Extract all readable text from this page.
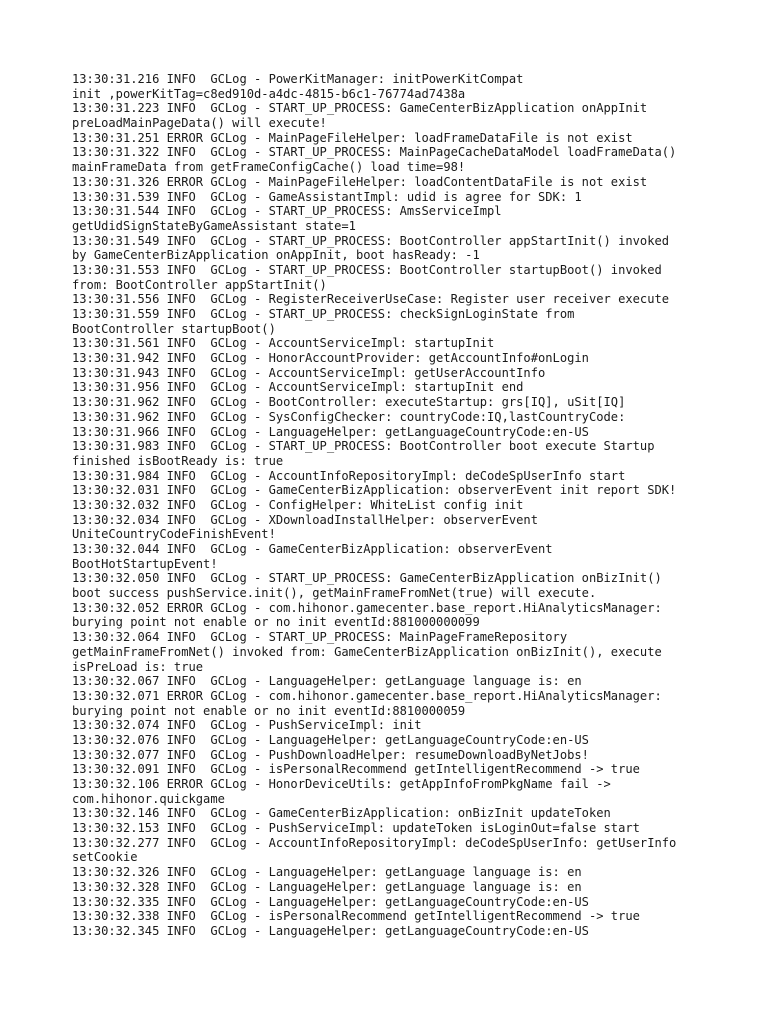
13:30:31.216 INFO  GCLog - PowerKitManager: initPowerKitCompat
init ,powerKitTag=c8ed910d-a4dc-4815-b6c1-76774ad7438a
13:30:31.223 INFO  GCLog - START_UP_PROCESS: GameCenterBizApplication onAppInit
preLoadMainPageData() will execute!
13:30:31.251 ERROR GCLog - MainPageFileHelper: loadFrameDataFile is not exist
13:30:31.322 INFO  GCLog - START_UP_PROCESS: MainPageCacheDataModel loadFrameData()
mainFrameData from getFrameConfigCache() load time=98!
13:30:31.326 ERROR GCLog - MainPageFileHelper: loadContentDataFile is not exist
13:30:31.539 INFO  GCLog - GameAssistantImpl: udid is agree for SDK: 1
13:30:31.544 INFO  GCLog - START_UP_PROCESS: AmsServiceImpl
getUdidSignStateByGameAssistant state=1
13:30:31.549 INFO  GCLog - START_UP_PROCESS: BootController appStartInit() invoked
by GameCenterBizApplication onAppInit, boot hasReady: -1
13:30:31.553 INFO  GCLog - START_UP_PROCESS: BootController startupBoot() invoked
from: BootController appStartInit()
13:30:31.556 INFO  GCLog - RegisterReceiverUseCase: Register user receiver execute
13:30:31.559 INFO  GCLog - START_UP_PROCESS: checkSignLoginState from
BootController startupBoot()
13:30:31.561 INFO  GCLog - AccountServiceImpl: startupInit
13:30:31.942 INFO  GCLog - HonorAccountProvider: getAccountInfo#onLogin
13:30:31.943 INFO  GCLog - AccountServiceImpl: getUserAccountInfo
13:30:31.956 INFO  GCLog - AccountServiceImpl: startupInit end
13:30:31.962 INFO  GCLog - BootController: executeStartup: grs[IQ], uSit[IQ]
13:30:31.962 INFO  GCLog - SysConfigChecker: countryCode:IQ,lastCountryCode:
13:30:31.966 INFO  GCLog - LanguageHelper: getLanguageCountryCode:en-US
13:30:31.983 INFO  GCLog - START_UP_PROCESS: BootController boot execute Startup
finished isBootReady is: true
13:30:31.984 INFO  GCLog - AccountInfoRepositoryImpl: deCodeSpUserInfo start
13:30:32.031 INFO  GCLog - GameCenterBizApplication: observerEvent init report SDK!
13:30:32.032 INFO  GCLog - ConfigHelper: WhiteList config init
13:30:32.034 INFO  GCLog - XDownloadInstallHelper: observerEvent
UniteCountryCodeFinishEvent!
13:30:32.044 INFO  GCLog - GameCenterBizApplication: observerEvent
BootHotStartupEvent!
13:30:32.050 INFO  GCLog - START_UP_PROCESS: GameCenterBizApplication onBizInit()
boot success pushService.init(), getMainFrameFromNet(true) will execute.
13:30:32.052 ERROR GCLog - com.hihonor.gamecenter.base_report.HiAnalyticsManager:
burying point not enable or no init eventId:881000000099
13:30:32.064 INFO  GCLog - START_UP_PROCESS: MainPageFrameRepository
getMainFrameFromNet() invoked from: GameCenterBizApplication onBizInit(), execute
isPreLoad is: true
13:30:32.067 INFO  GCLog - LanguageHelper: getLanguage language is: en
13:30:32.071 ERROR GCLog - com.hihonor.gamecenter.base_report.HiAnalyticsManager:
burying point not enable or no init eventId:8810000059
13:30:32.074 INFO  GCLog - PushServiceImpl: init
13:30:32.076 INFO  GCLog - LanguageHelper: getLanguageCountryCode:en-US
13:30:32.077 INFO  GCLog - PushDownloadHelper: resumeDownloadByNetJobs!
13:30:32.091 INFO  GCLog - isPersonalRecommend getIntelligentRecommend -> true
13:30:32.106 ERROR GCLog - HonorDeviceUtils: getAppInfoFromPkgName fail ->
com.hihonor.quickgame
13:30:32.146 INFO  GCLog - GameCenterBizApplication: onBizInit updateToken
13:30:32.153 INFO  GCLog - PushServiceImpl: updateToken isLoginOut=false start
13:30:32.277 INFO  GCLog - AccountInfoRepositoryImpl: deCodeSpUserInfo: getUserInfo
setCookie
13:30:32.326 INFO  GCLog - LanguageHelper: getLanguage language is: en
13:30:32.328 INFO  GCLog - LanguageHelper: getLanguage language is: en
13:30:32.335 INFO  GCLog - LanguageHelper: getLanguageCountryCode:en-US
13:30:32.338 INFO  GCLog - isPersonalRecommend getIntelligentRecommend -> true
13:30:32.345 INFO  GCLog - LanguageHelper: getLanguageCountryCode:en-US
